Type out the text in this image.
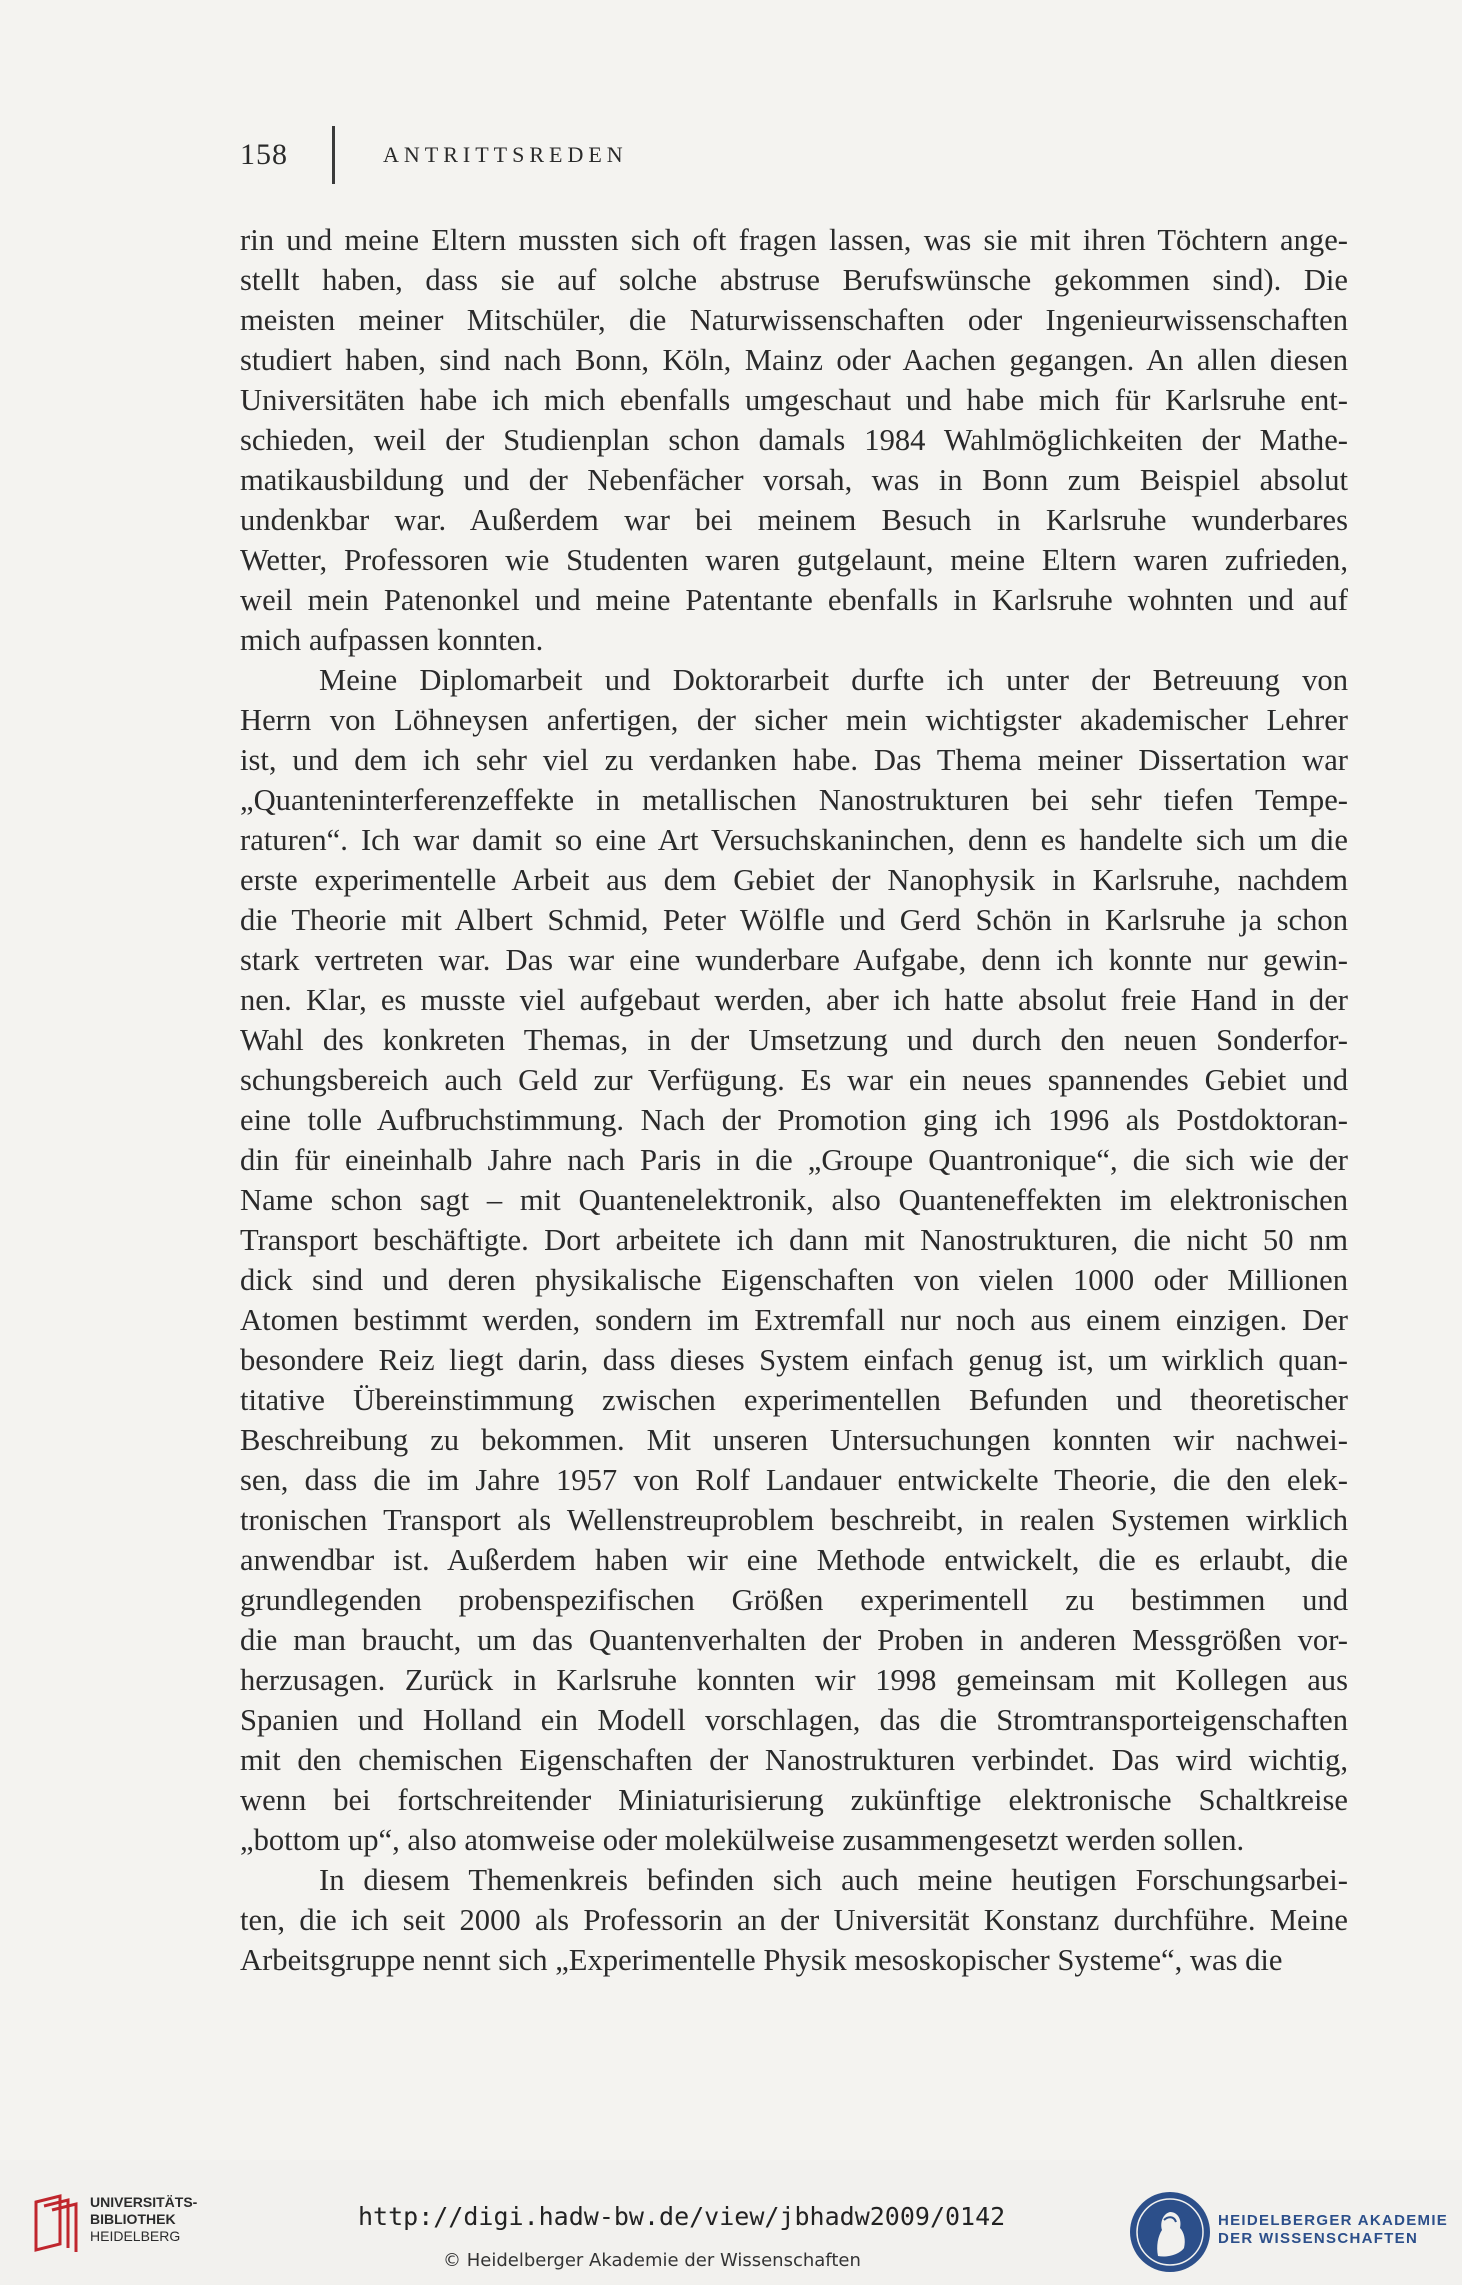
158	ANTRITTSREDEN
rin und meine Eltern mussten sich oft fragen lassen, was sie mit ihren Töchtern ange-
stellt haben, dass sie auf solche abstruse Berufswünsche gekommen sind). Die
meisten meiner Mitschüler, die Naturwissenschaften oder Ingenieurwissenschaften
studiert haben, sind nach Bonn, Köln, Mainz oder Aachen gegangen. An allen diesen
Universitäten habe ich mich ebenfalls umgeschaut und habe mich für Karlsruhe ent-
schieden, weil der Studienplan schon damals 1984 Wahlmöglichkeiten der Mathe-
matikausbildung und der Nebenfächer vorsah, was in Bonn zum Beispiel absolut
undenkbar war. Außerdem war bei meinem Besuch in Karlsruhe wunderbares
Wetter, Professoren wie Studenten waren gutgelaunt, meine Eltern waren zufrieden,
weil mein Patenonkel und meine Patentante ebenfalls in Karlsruhe wohnten und auf
mich aufpassen konnten.
Meine Diplomarbeit und Doktorarbeit durfte ich unter der Betreuung von
Herrn von Löhneysen anfertigen, der sicher mein wichtigster akademischer Lehrer
ist, und dem ich sehr viel zu verdanken habe. Das Thema meiner Dissertation war
„Quanteninterferenzeffekte in metallischen Nanostrukturen bei sehr tiefen Tempe-
raturen“. Ich war damit so eine Art Versuchskaninchen, denn es handelte sich um die
erste experimentelle Arbeit aus dem Gebiet der Nanophysik in Karlsruhe, nachdem
die Theorie mit Albert Schmid, Peter Wölfle und Gerd Schön in Karlsruhe ja schon
stark vertreten war. Das war eine wunderbare Aufgabe, denn ich konnte nur gewin-
nen. Klar, es musste viel aufgebaut werden, aber ich hatte absolut freie Hand in der
Wahl des konkreten Themas, in der Umsetzung und durch den neuen Sonderfor-
schungsbereich auch Geld zur Verfügung. Es war ein neues spannendes Gebiet und
eine tolle Aufbruchstimmung. Nach der Promotion ging ich 1996 als Postdoktoran-
din für eineinhalb Jahre nach Paris in die „Groupe Quantronique“, die sich wie der
Name schon sagt – mit Quantenelektronik, also Quanteneffekten im elektronischen
Transport beschäftigte. Dort arbeitete ich dann mit Nanostrukturen, die nicht 50 nm
dick sind und deren physikalische Eigenschaften von vielen 1000 oder Millionen
Atomen bestimmt werden, sondern im Extremfall nur noch aus einem einzigen. Der
besondere Reiz liegt darin, dass dieses System einfach genug ist, um wirklich quan-
titative Übereinstimmung zwischen experimentellen Befunden und theoretischer
Beschreibung zu bekommen. Mit unseren Untersuchungen konnten wir nachwei-
sen, dass die im Jahre 1957 von Rolf Landauer entwickelte Theorie, die den elek-
tronischen Transport als Wellenstreuproblem beschreibt, in realen Systemen wirklich
anwendbar ist. Außerdem haben wir eine Methode entwickelt, die es erlaubt, die
grundlegenden probenspezifischen Größen experimentell zu bestimmen und
die man braucht, um das Quantenverhalten der Proben in anderen Messgrößen vor-
herzusagen. Zurück in Karlsruhe konnten wir 1998 gemeinsam mit Kollegen aus
Spanien und Holland ein Modell vorschlagen, das die Stromtransporteigenschaften
mit den chemischen Eigenschaften der Nanostrukturen verbindet. Das wird wichtig,
wenn bei fortschreitender Miniaturisierung zukünftige elektronische Schaltkreise
„bottom up“, also atomweise oder molekülweise zusammengesetzt werden sollen.
In diesem Themenkreis befinden sich auch meine heutigen Forschungsarbei-
ten, die ich seit 2000 als Professorin an der Universität Konstanz durchführe. Meine
Arbeitsgruppe nennt sich „Experimentelle Physik mesoskopischer Systeme“, was die
UNIVERSITÄTS-
BIBLIOTHEK
HEIDELBERG
http://digi.hadw-bw.de/view/jbhadw2009/0142
© Heidelberger Akademie der Wissenschaften
HEIDELBERGER AKADEMIE
DER WISSENSCHAFTEN
